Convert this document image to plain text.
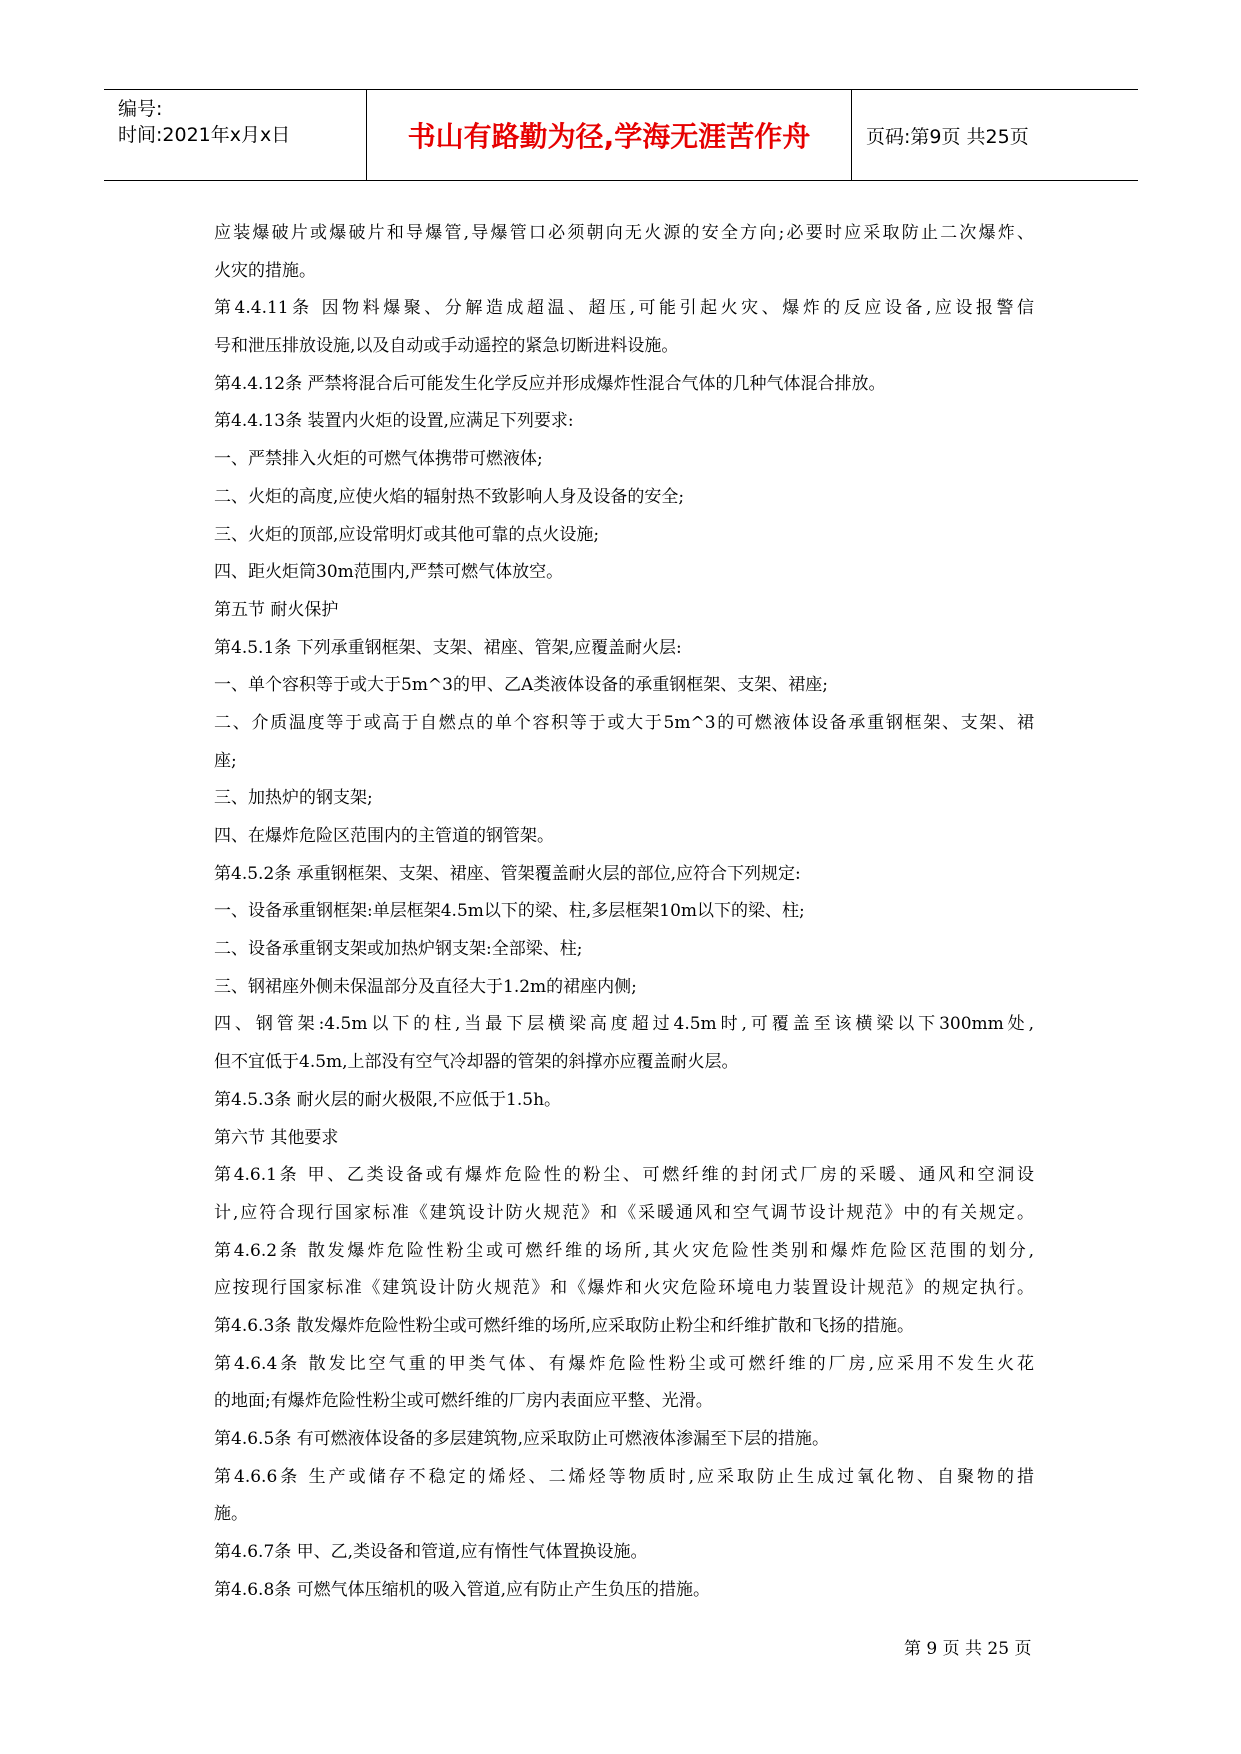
编号:
时间:2021年x月x日	书山有路勤为径,学海无涯苦作舟	页码:第9页 共25页
应装爆破片或爆破片和导爆管,导爆管口必须朝向无火源的安全方向;必要时应采取防止二次爆炸、
火灾的措施。
第4.4.11条 因物料爆聚、分解造成超温、超压,可能引起火灾、爆炸的反应设备,应设报警信
号和泄压排放设施,以及自动或手动遥控的紧急切断进料设施。
第4.4.12条 严禁将混合后可能发生化学反应并形成爆炸性混合气体的几种气体混合排放。
第4.4.13条 装置内火炬的设置,应满足下列要求:
一、严禁排入火炬的可燃气体携带可燃液体;
二、火炬的高度,应使火焰的辐射热不致影响人身及设备的安全;
三、火炬的顶部,应设常明灯或其他可靠的点火设施;
四、距火炬筒30m范围内,严禁可燃气体放空。
第五节 耐火保护
第4.5.1条 下列承重钢框架、支架、裙座、管架,应覆盖耐火层:
一、单个容积等于或大于5m^3的甲、乙A类液体设备的承重钢框架、支架、裙座;
二、介质温度等于或高于自燃点的单个容积等于或大于5m^3的可燃液体设备承重钢框架、支架、裙
座;
三、加热炉的钢支架;
四、在爆炸危险区范围内的主管道的钢管架。
第4.5.2条 承重钢框架、支架、裙座、管架覆盖耐火层的部位,应符合下列规定:
一、设备承重钢框架:单层框架4.5m以下的梁、柱,多层框架10m以下的梁、柱;
二、设备承重钢支架或加热炉钢支架:全部梁、柱;
三、钢裙座外侧未保温部分及直径大于1.2m的裙座内侧;
四、钢管架:4.5m以下的柱,当最下层横梁高度超过4.5m时,可覆盖至该横梁以下300mm处,
但不宜低于4.5m,上部没有空气冷却器的管架的斜撑亦应覆盖耐火层。
第4.5.3条 耐火层的耐火极限,不应低于1.5h。
第六节 其他要求
第4.6.1条 甲、乙类设备或有爆炸危险性的粉尘、可燃纤维的封闭式厂房的采暖、通风和空洞设
计,应符合现行国家标准《建筑设计防火规范》和《采暖通风和空气调节设计规范》中的有关规定。
第4.6.2条 散发爆炸危险性粉尘或可燃纤维的场所,其火灾危险性类别和爆炸危险区范围的划分,
应按现行国家标准《建筑设计防火规范》和《爆炸和火灾危险环境电力装置设计规范》的规定执行。
第4.6.3条 散发爆炸危险性粉尘或可燃纤维的场所,应采取防止粉尘和纤维扩散和飞扬的措施。
第4.6.4条 散发比空气重的甲类气体、有爆炸危险性粉尘或可燃纤维的厂房,应采用不发生火花
的地面;有爆炸危险性粉尘或可燃纤维的厂房内表面应平整、光滑。
第4.6.5条 有可燃液体设备的多层建筑物,应采取防止可燃液体渗漏至下层的措施。
第4.6.6条 生产或储存不稳定的烯烃、二烯烃等物质时,应采取防止生成过氧化物、自聚物的措
施。
第4.6.7条 甲、乙,类设备和管道,应有惰性气体置换设施。
第4.6.8条 可燃气体压缩机的吸入管道,应有防止产生负压的措施。
第 9 页 共 25 页
